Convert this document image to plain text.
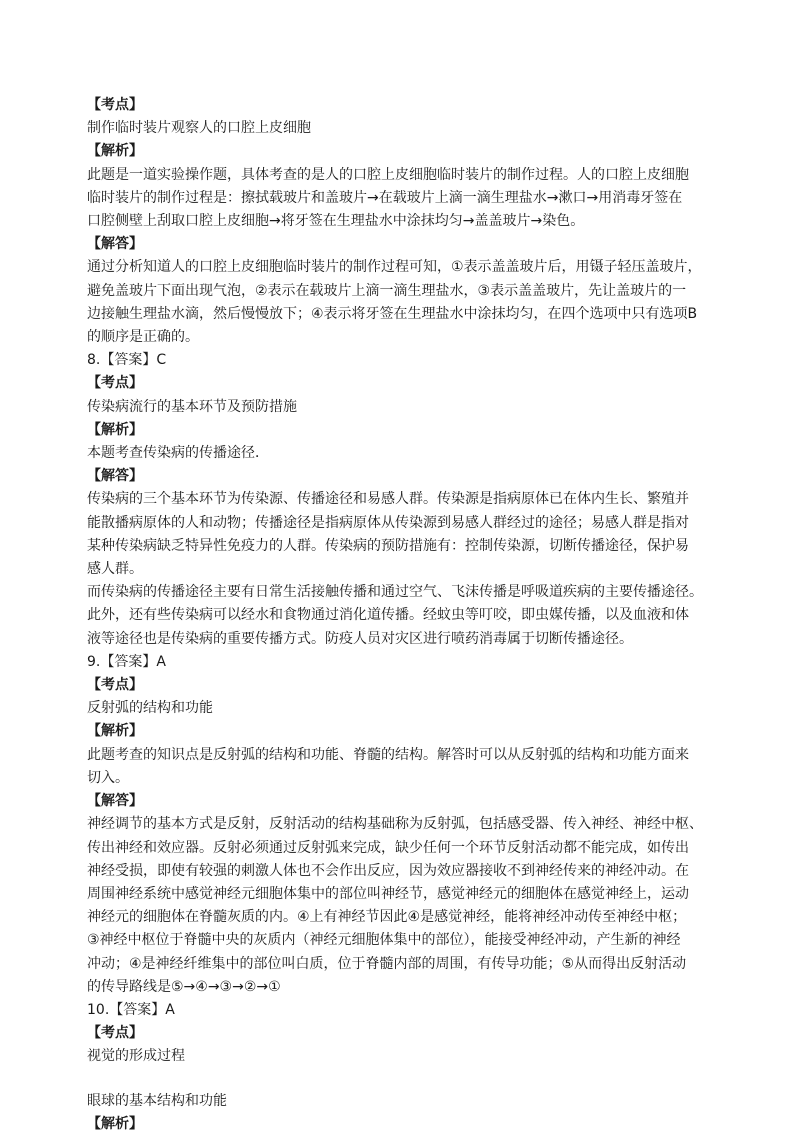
【考点】

制作临时装片观察人的口腔上皮细胞

【解析】

此题是一道实验操作题，具体考查的是人的口腔上皮细胞临时装片的制作过程。人的口腔上皮细胞

临时装片的制作过程是：擦拭载玻片和盖玻片→在载玻片上滴一滴生理盐水→漱口→用消毒牙签在

口腔侧壁上刮取口腔上皮细胞→将牙签在生理盐水中涂抹均匀→盖盖玻片→染色。

【解答】

通过分析知道人的口腔上皮细胞临时装片的制作过程可知，①表示盖盖玻片后，用镊子轻压盖玻片，

避免盖玻片下面出现气泡，②表示在载玻片上滴一滴生理盐水，③表示盖盖玻片，先让盖玻片的一

边接触生理盐水滴，然后慢慢放下；④表示将牙签在生理盐水中涂抹均匀，在四个选项中只有选项B

的顺序是正确的。

8.【答案】C

【考点】

传染病流行的基本环节及预防措施

【解析】

本题考查传染病的传播途径．

【解答】

传染病的三个基本环节为传染源、传播途径和易感人群。传染源是指病原体已在体内生长、繁殖并

能散播病原体的人和动物；传播途径是指病原体从传染源到易感人群经过的途径；易感人群是指对

某种传染病缺乏特异性免疫力的人群。传染病的预防措施有：控制传染源，切断传播途径，保护易

感人群。

而传染病的传播途径主要有日常生活接触传播和通过空气、飞沫传播是呼吸道疾病的主要传播途径。

此外，还有些传染病可以经水和食物通过消化道传播。经蚊虫等叮咬，即虫媒传播，以及血液和体

液等途径也是传染病的重要传播方式。防疫人员对灾区进行喷药消毒属于切断传播途径。

9.【答案】A

【考点】

反射弧的结构和功能

【解析】

此题考查的知识点是反射弧的结构和功能、脊髓的结构。解答时可以从反射弧的结构和功能方面来

切入。

【解答】

神经调节的基本方式是反射，反射活动的结构基础称为反射弧，包括感受器、传入神经、神经中枢、

传出神经和效应器。反射必须通过反射弧来完成，缺少任何一个环节反射活动都不能完成，如传出

神经受损，即使有较强的刺激人体也不会作出反应，因为效应器接收不到神经传来的神经冲动。在

周围神经系统中感觉神经元细胞体集中的部位叫神经节，感觉神经元的细胞体在感觉神经上，运动

神经元的细胞体在脊髓灰质的内。④上有神经节因此④是感觉神经，能将神经冲动传至神经中枢；

③神经中枢位于脊髓中央的灰质内（神经元细胞体集中的部位），能接受神经冲动，产生新的神经

冲动；④是神经纤维集中的部位叫白质，位于脊髓内部的周围，有传导功能；⑤从而得出反射活动

的传导路线是⑤→④→③→②→①

10.【答案】A

【考点】

视觉的形成过程

眼球的基本结构和功能

【解析】
